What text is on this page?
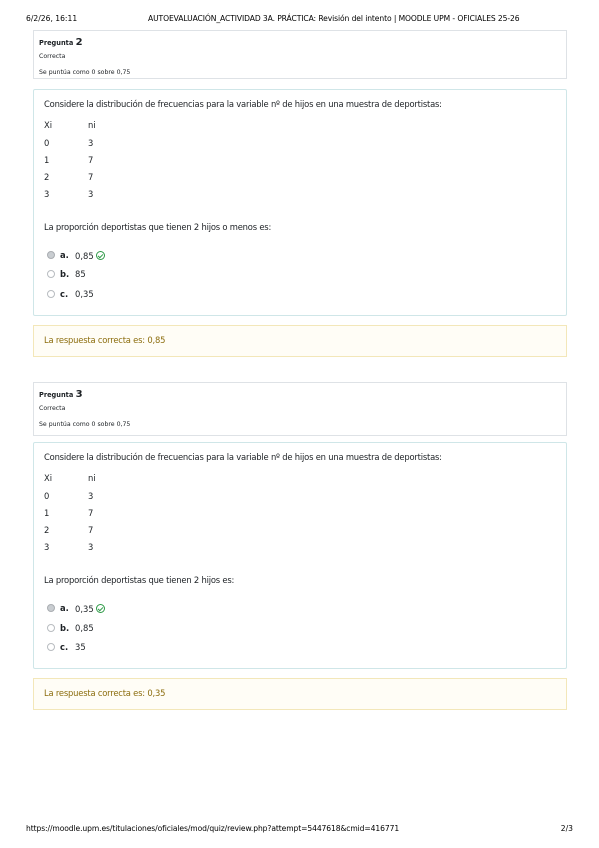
6/2/26, 16:11	AUTOEVALUACIÓN_ACTIVIDAD 3A. PRÁCTICA: Revisión del intento | MOODLE UPM - OFICIALES 25-26
Pregunta 2
Correcta
Se puntúa como 0 sobre 0,75
Considere la distribución de frecuencias para la variable nº de hijos en una muestra de deportistas:
Xi	ni
0	3
1	7
2	7
3	3
La proporción deportistas que tienen 2 hijos o menos es:
a. 0,85
b. 85
c. 0,35
La respuesta correcta es: 0,85
Pregunta 3
Correcta
Se puntúa como 0 sobre 0,75
Considere la distribución de frecuencias para la variable nº de hijos en una muestra de deportistas:
Xi	ni
0	3
1	7
2	7
3	3
La proporción deportistas que tienen 2 hijos es:
a. 0,35
b. 0,85
c. 35
La respuesta correcta es: 0,35
https://moodle.upm.es/titulaciones/oficiales/mod/quiz/review.php?attempt=5447618&cmid=416771	2/3
